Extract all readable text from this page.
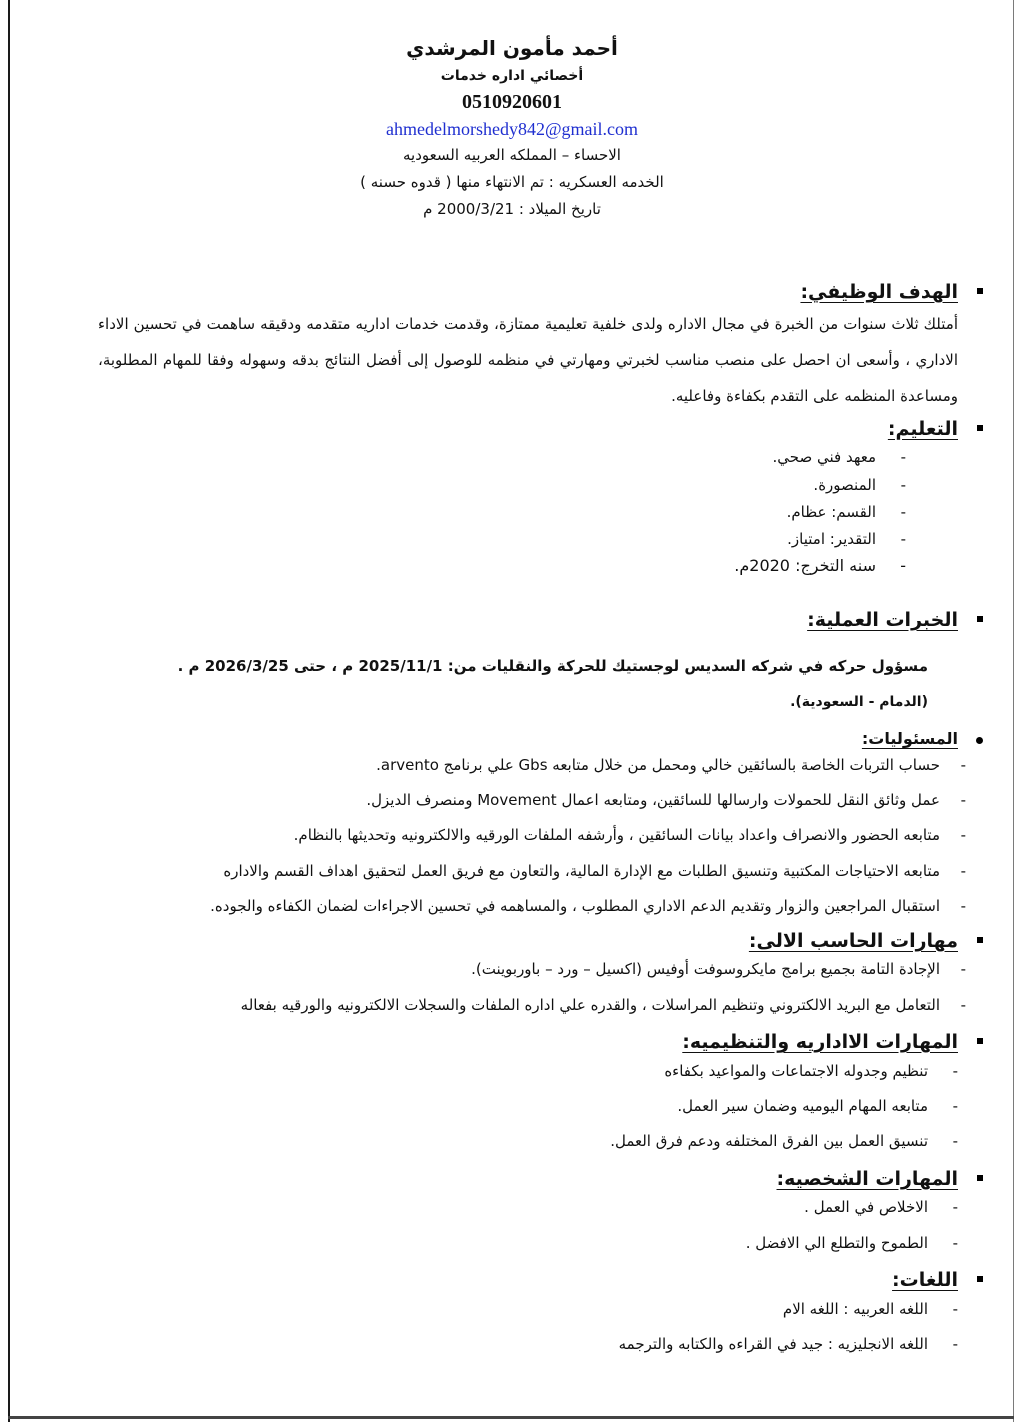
أحمد مأمون المرشدي
أخصائي اداره خدمات
0510920601
ahmedelmorshedy842@gmail.com
الاحساء – المملكه العربيه السعوديه
الخدمه العسكريه : تم الانتهاء منها ( قدوه حسنه )
تاريخ الميلاد : 2000/3/21 م
الهدف الوظيفي:
أمتلك ثلاث سنوات من الخبرة في مجال الاداره ولدى خلفية تعليمية ممتازة، وقدمت خدمات اداريه متقدمه ودقيقه ساهمت في تحسين الاداء الاداري ، وأسعى ان احصل على منصب مناسب لخبرتي ومهارتي في منظمه للوصول إلى أفضل النتائج بدقه وسهوله وفقا للمهام المطلوبة، ومساعدة المنظمه على التقدم بكفاءة وفاعليه.
التعليم:
-
معهد فني صحي.
-
المنصورة.
-
القسم: عظام.
-
التقدير: امتياز.
-
سنه التخرج: 2020م.
الخبرات العملية:
مسؤول حركه في شركه السديس لوجستيك للحركة والنقليات من: 2025/11/1 م ، حتى 2026/3/25 م .
(الدمام - السعودية).
المسئوليات:
-
حساب التربات الخاصة بالسائقين خالي ومحمل من خلال متابعه Gbs علي برنامج arvento.
-
عمل وثائق النقل للحمولات وارسالها للسائقين، ومتابعه اعمال Movement ومنصرف الديزل.
-
متابعه الحضور والانصراف واعداد بيانات السائقين ، وأرشفه الملفات الورقيه والالكترونيه وتحديثها بالنظام.
-
متابعه الاحتياجات المكتبية وتنسيق الطلبات مع الإدارة المالية، والتعاون مع فريق العمل لتحقيق اهداف القسم والاداره
-
استقبال المراجعين والزوار وتقديم الدعم الاداري المطلوب ، والمساهمه في تحسين الاجراءات لضمان الكفاءه والجوده.
مهارات الحاسب الالى:
-
الإجادة التامة بجميع برامج مايكروسوفت أوفيس (اكسيل – ورد – باوربوينت).
-
التعامل مع البريد الالكتروني وتنظيم المراسلات ، والقدره علي اداره الملفات والسجلات الالكترونيه والورقيه بفعاله
المهارات الااداريه والتنظيميه:
-
تنظيم وجدوله الاجتماعات والمواعيد بكفاءه
-
متابعه المهام اليوميه وضمان سير العمل.
-
تنسيق العمل بين الفرق المختلفه ودعم فرق العمل.
المهارات الشخصيه:
-
الاخلاص في العمل .
-
الطموح والتطلع الي الافضل .
اللغات:
-
اللغه العربيه : اللغه الام
-
اللغه الانجليزيه : جيد في القراءه والكتابه والترجمه
